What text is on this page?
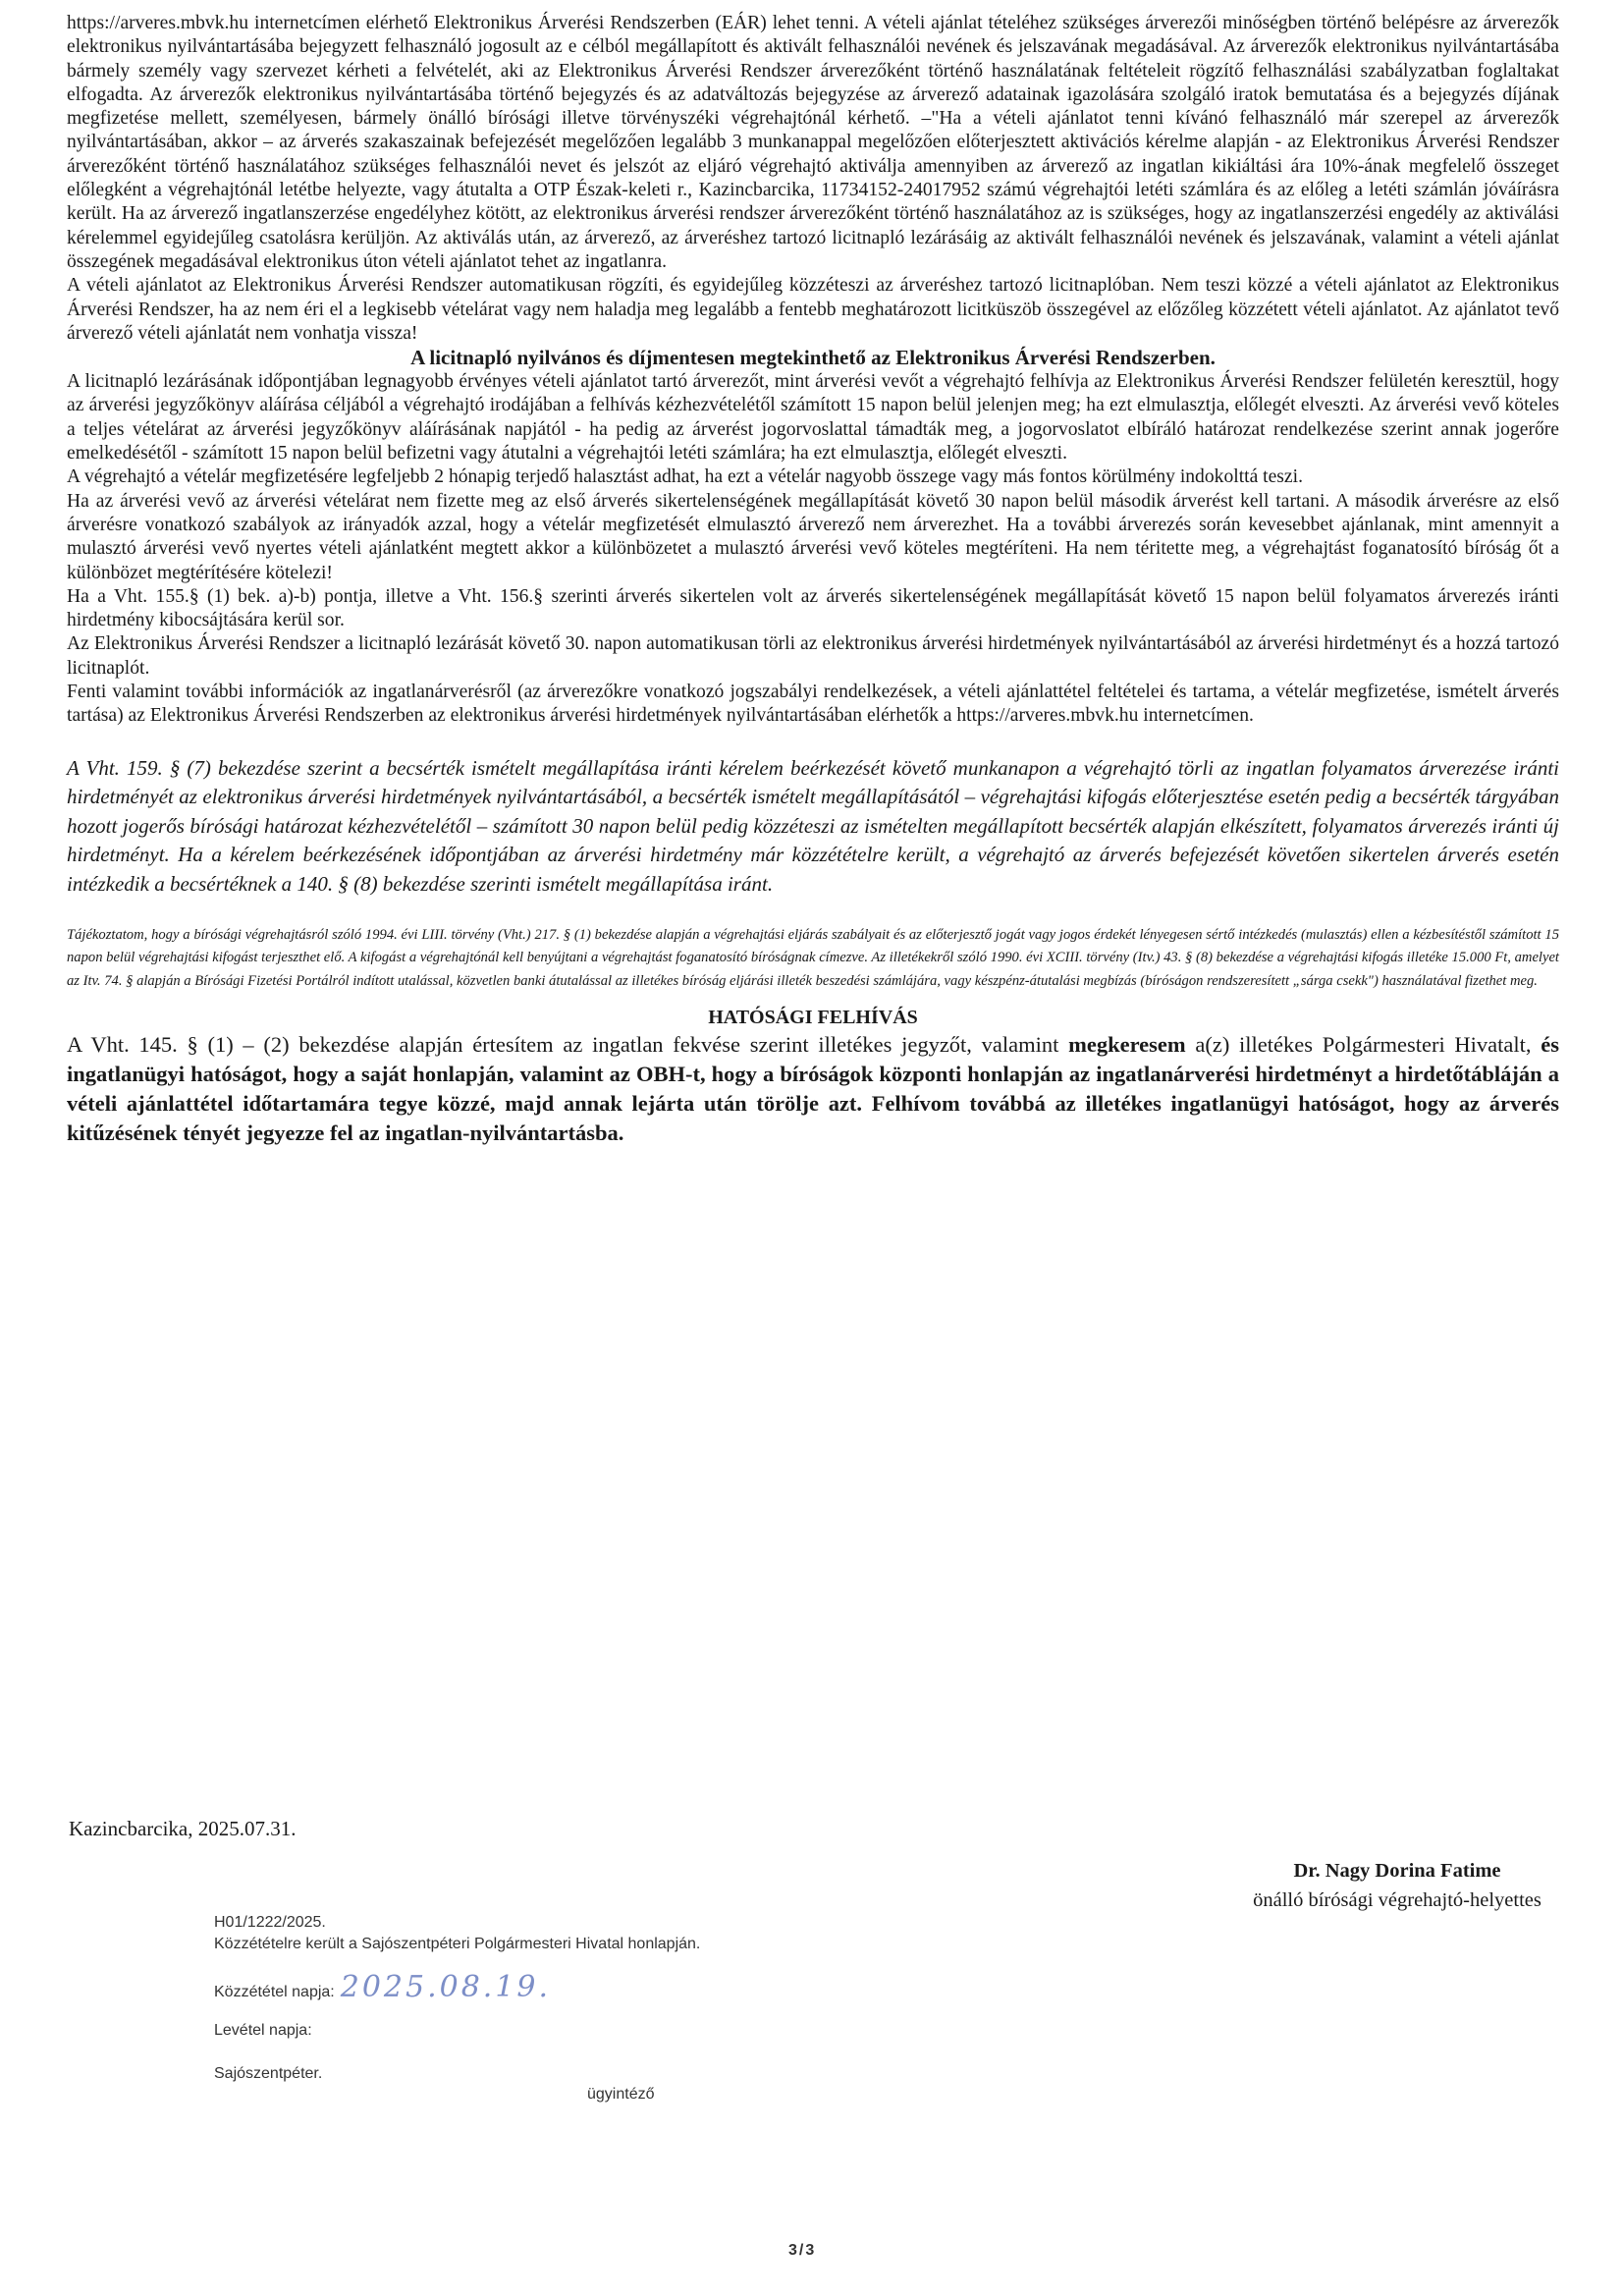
https://arveres.mbvk.hu internetcímen elérhető Elektronikus Árverési Rendszerben (EÁR) lehet tenni. A vételi ajánlat tételéhez szükséges árverezői minőségben történő belépésre az árverezők elektronikus nyilvántartásába bejegyzett felhasználó jogosult az e célból megállapított és aktivált felhasználói nevének és jelszavának megadásával. Az árverezők elektronikus nyilvántartásába bármely személy vagy szervezet kérheti a felvételét, aki az Elektronikus Árverési Rendszer árverezőként történő használatának feltételeit rögzítő felhasználási szabályzatban foglaltakat elfogadta. Az árverezők elektronikus nyilvántartásába történő bejegyzés és az adatváltozás bejegyzése az árverező adatainak igazolására szolgáló iratok bemutatása és a bejegyzés díjának megfizetése mellett, személyesen, bármely önálló bírósági illetve törvényszéki végrehajtónál kérhető. –"Ha a vételi ajánlatot tenni kívánó felhasználó már szerepel az árverezők nyilvántartásában, akkor – az árverés szakaszainak befejezését megelőzően legalább 3 munkanappal megelőzően előterjesztett aktivációs kérelme alapján - az Elektronikus Árverési Rendszer árverezőként történő használatához szükséges felhasználói nevet és jelszót az eljáró végrehajtó aktiválja amennyiben az árverező az ingatlan kikiáltási ára 10%-ának megfelelő összeget előlegként a végrehajtónál letétbe helyezte, vagy átutalta a OTP Észak-keleti r., Kazincbarcika, 11734152-24017952 számú végrehajtói letéti számlára és az előleg a letéti számlán jóváírásra került. Ha az árverező ingatlanszerzése engedélyhez kötött, az elektronikus árverési rendszer árverezőként történő használatához az is szükséges, hogy az ingatlanszerzési engedély az aktiválási kérelemmel egyidejűleg csatolásra kerüljön. Az aktiválás után, az árverező, az árveréshez tartozó licitnapló lezárásáig az aktivált felhasználói nevének és jelszavának, valamint a vételi ajánlat összegének megadásával elektronikus úton vételi ajánlatot tehet az ingatlanra.

A vételi ajánlatot az Elektronikus Árverési Rendszer automatikusan rögzíti, és egyidejűleg közzéteszi az árveréshez tartozó licitnaplóban. Nem teszi közzé a vételi ajánlatot az Elektronikus Árverési Rendszer, ha az nem éri el a legkisebb vételárat vagy nem haladja meg legalább a fentebb meghatározott licitküszöb összegével az előzőleg közzétett vételi ajánlatot. Az ajánlatot tevő árverező vételi ajánlatát nem vonhatja vissza!

A licitnapló nyilvános és díjmentesen megtekinthető az Elektronikus Árverési Rendszerben.

A licitnapló lezárásának időpontjában legnagyobb érvényes vételi ajánlatot tartó árverezőt, mint árverési vevőt a végrehajtó felhívja az Elektronikus Árverési Rendszer felületén keresztül, hogy az árverési jegyzőkönyv aláírása céljából a végrehajtó irodájában a felhívás kézhezvételétől számított 15 napon belül jelenjen meg; ha ezt elmulasztja, előlegét elveszti. Az árverési vevő köteles a teljes vételárat az árverési jegyzőkönyv aláírásának napjától - ha pedig az árverést jogorvoslattal támadták meg, a jogorvoslatot elbíráló határozat rendelkezése szerint annak jogerőre emelkedésétől - számított 15 napon belül befizetni vagy átutalni a végrehajtói letéti számlára; ha ezt elmulasztja, előlegét elveszti.

A végrehajtó a vételár megfizetésére legfeljebb 2 hónapig terjedő halasztást adhat, ha ezt a vételár nagyobb összege vagy más fontos körülmény indokolttá teszi.

Ha az árverési vevő az árverési vételárat nem fizette meg az első árverés sikertelenségének megállapítását követő 30 napon belül második árverést kell tartani. A második árverésre az első árverésre vonatkozó szabályok az irányadók azzal, hogy a vételár megfizetését elmulasztó árverező nem árverezhet. Ha a további árverezés során kevesebbet ajánlanak, mint amennyit a mulasztó árverési vevő nyertes vételi ajánlatként megtett akkor a különbözetet a mulasztó árverési vevő köteles megtéríteni. Ha nem téritette meg, a végrehajtást foganatosító bíróság őt a különbözet megtérítésére kötelezi!

Ha a Vht. 155.§ (1) bek. a)-b) pontja, illetve a Vht. 156.§ szerinti árverés sikertelen volt az árverés sikertelenségének megállapítását követő 15 napon belül folyamatos árverezés iránti hirdetmény kibocsájtására kerül sor.

Az Elektronikus Árverési Rendszer a licitnapló lezárását követő 30. napon automatikusan törli az elektronikus árverési hirdetmények nyilvántartásából az árverési hirdetményt és a hozzá tartozó licitnaplót.

Fenti valamint további információk az ingatlanárverésről (az árverezőkre vonatkozó jogszabályi rendelkezések, a vételi ajánlattétel feltételei és tartama, a vételár megfizetése, ismételt árverés tartása) az Elektronikus Árverési Rendszerben az elektronikus árverési hirdetmények nyilvántartásában elérhetők a https://arveres.mbvk.hu internetcímen.

A Vht. 159. § (7) bekezdése szerint a becsérték ismételt megállapítása iránti kérelem beérkezését követő munkanapon a végrehajtó törli az ingatlan folyamatos árverezése iránti hirdetményét az elektronikus árverési hirdetmények nyilvántartásából, a becsérték ismételt megállapításától – végrehajtási kifogás előterjesztése esetén pedig a becsérték tárgyában hozott jogerős bírósági határozat kézhezvételétől – számított 30 napon belül pedig közzéteszi az ismételten megállapított becsérték alapján elkészített, folyamatos árverezés iránti új hirdetményt. Ha a kérelem beérkezésének időpontjában az árverési hirdetmény már közzétételre került, a végrehajtó az árverés befejezését követően sikertelen árverés esetén intézkedik a becsértéknek a 140. § (8) bekezdése szerinti ismételt megállapítása iránt.

Tájékoztatom, hogy a bírósági végrehajtásról szóló 1994. évi LIII. törvény (Vht.) 217. § (1) bekezdése alapján a végrehajtási eljárás szabályait és az előterjesztő jogát vagy jogos érdekét lényegesen sértő intézkedés (mulasztás) ellen a kézbesítéstől számított 15 napon belül végrehajtási kifogást terjeszthet elő. A kifogást a végrehajtónál kell benyújtani a végrehajtást foganatosító bíróságnak címezve. Az illetékekről szóló 1990. évi XCIII. törvény (Itv.) 43. § (8) bekezdése a végrehajtási kifogás illetéke 15.000 Ft, amelyet az Itv. 74. § alapján a Bírósági Fizetési Portálról indított utalással, közvetlen banki átutalással az illetékes bíróság eljárási illeték beszedési számlájára, vagy készpénz-átutalási megbízás (bíróságon rendszeresített „sárga csekk") használatával fizethet meg.

HATÓSÁGI FELHÍVÁS

A Vht. 145. § (1) – (2) bekezdése alapján értesítem az ingatlan fekvése szerint illetékes jegyzőt, valamint megkeresem a(z) illetékes Polgármesteri Hivatalt, és ingatlanügyi hatóságot, hogy a saját honlapján, valamint az OBH-t, hogy a bíróságok központi honlapján az ingatlanárverési hirdetményt a hirdetőtábláján a vételi ajánlattétel időtartamára tegye közzé, majd annak lejárta után törölje azt. Felhívom továbbá az illetékes ingatlanügyi hatóságot, hogy az árverés kitűzésének tényét jegyezze fel az ingatlan-nyilvántartásba.

Kazincbarcika, 2025.07.31.
Dr. Nagy Dorina Fatime
önálló bírósági végrehajtó-helyettes
H01/1222/2025.
Közzétételre került a Sajószentpéteri Polgármesteri Hivatal honlapján.
Közzététel napja: 2025.08.19.
Levétel napja:
Sajószentpéter.
ügyintéző
3/3
